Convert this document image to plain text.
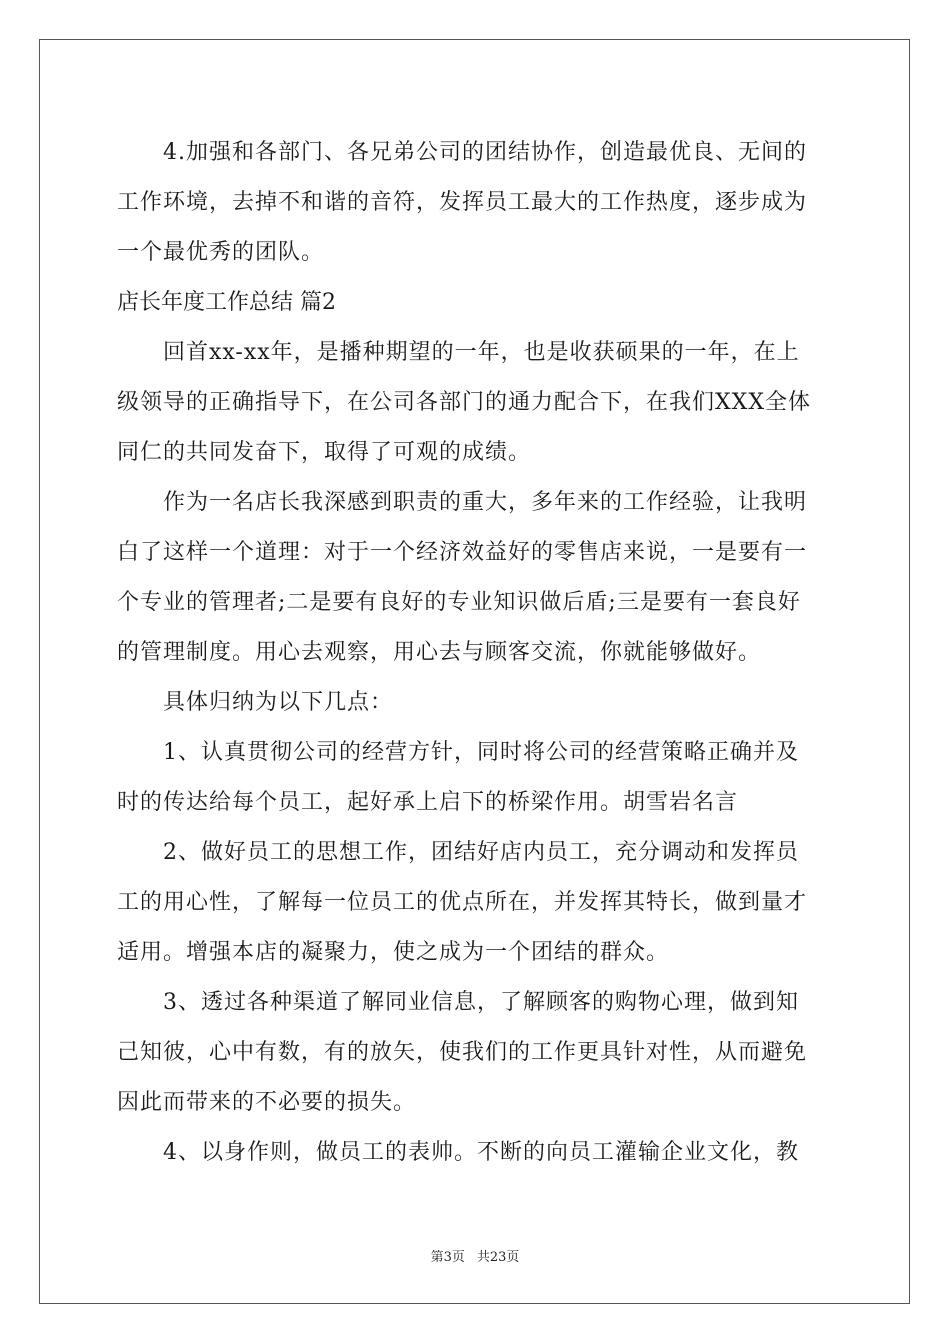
4.加强和各部门、各兄弟公司的团结协作，创造最优良、无间的
工作环境，去掉不和谐的音符，发挥员工最大的工作热度，逐步成为
一个最优秀的团队。
店长年度工作总结 篇2
回首xx-xx年，是播种期望的一年，也是收获硕果的一年，在上
级领导的正确指导下，在公司各部门的通力配合下，在我们XXX全体
同仁的共同发奋下，取得了可观的成绩。
作为一名店长我深感到职责的重大，多年来的工作经验，让我明
白了这样一个道理：对于一个经济效益好的零售店来说，一是要有一
个专业的管理者;二是要有良好的专业知识做后盾;三是要有一套良好
的管理制度。用心去观察，用心去与顾客交流，你就能够做好。
具体归纳为以下几点：
1、认真贯彻公司的经营方针，同时将公司的经营策略正确并及
时的传达给每个员工，起好承上启下的桥梁作用。胡雪岩名言
2、做好员工的思想工作，团结好店内员工，充分调动和发挥员
工的用心性，了解每一位员工的优点所在，并发挥其特长，做到量才
适用。增强本店的凝聚力，使之成为一个团结的群众。
3、透过各种渠道了解同业信息，了解顾客的购物心理，做到知
己知彼，心中有数，有的放矢，使我们的工作更具针对性，从而避免
因此而带来的不必要的损失。
4、以身作则，做员工的表帅。不断的向员工灌输企业文化，教
第3页 共23页
